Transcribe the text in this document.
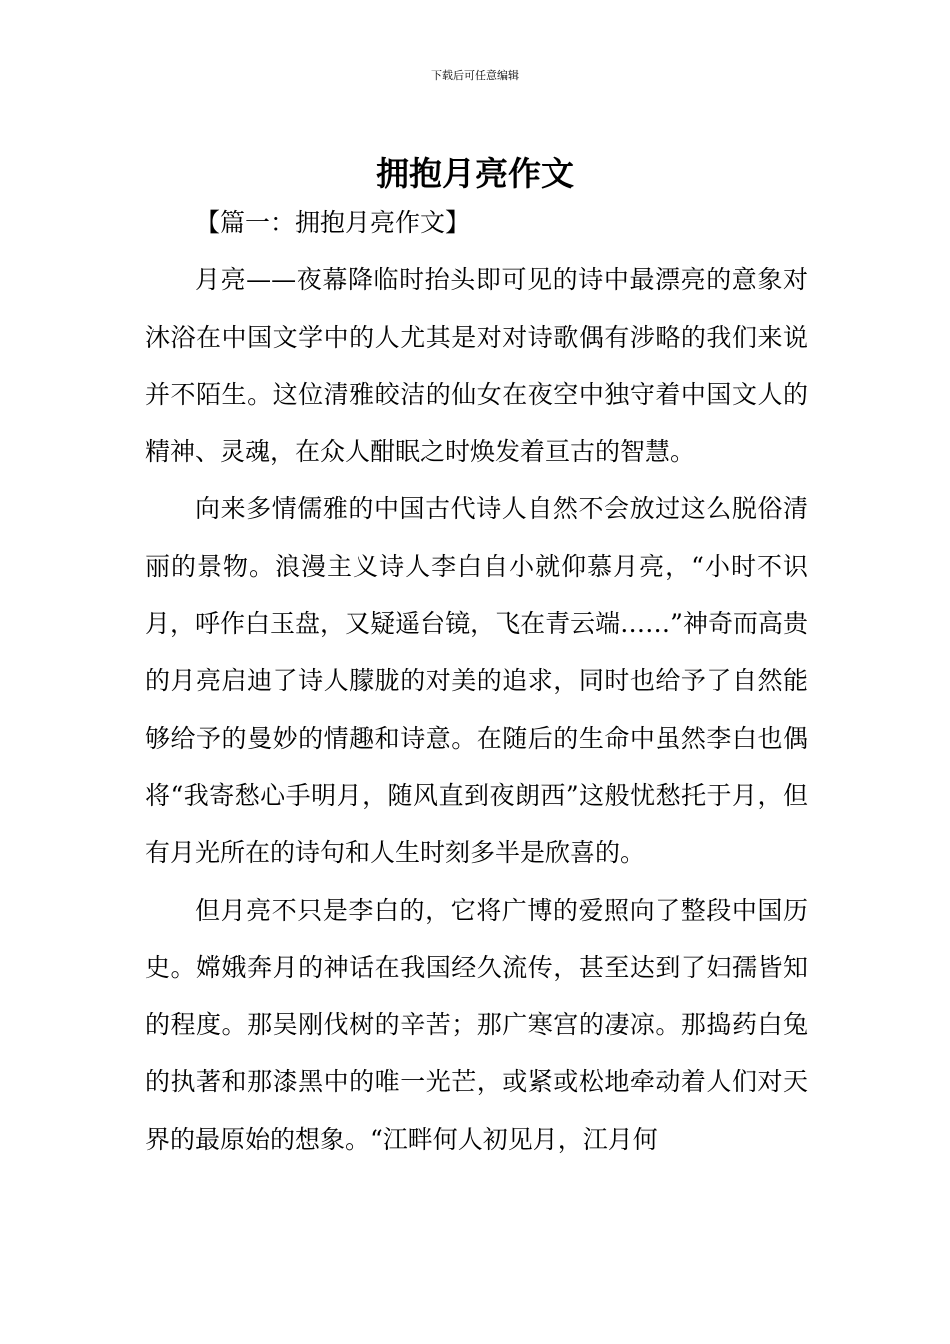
下载后可任意编辑
拥抱月亮作文
【篇一：拥抱月亮作文】

月亮——夜幕降临时抬头即可见的诗中最漂亮的意象对沐浴在中国文学中的人尤其是对对诗歌偶有涉略的我们来说并不陌生。这位清雅皎洁的仙女在夜空中独守着中国文人的精神、灵魂，在众人酣眠之时焕发着亘古的智慧。

向来多情儒雅的中国古代诗人自然不会放过这么脱俗清丽的景物。浪漫主义诗人李白自小就仰慕月亮，“小时不识月，呼作白玉盘，又疑遥台镜，飞在青云端……”神奇而高贵的月亮启迪了诗人朦胧的对美的追求，同时也给予了自然能够给予的曼妙的情趣和诗意。在随后的生命中虽然李白也偶将“我寄愁心手明月，随风直到夜朗西”这般忧愁托于月，但有月光所在的诗句和人生时刻多半是欣喜的。

但月亮不只是李白的，它将广博的爱照向了整段中国历史。嫦娥奔月的神话在我国经久流传，甚至达到了妇孺皆知的程度。那吴刚伐树的辛苦；那广寒宫的凄凉。那捣药白兔的执著和那漆黑中的唯一光芒，或紧或松地牵动着人们对天界的最原始的想象。“江畔何人初见月，江月何
